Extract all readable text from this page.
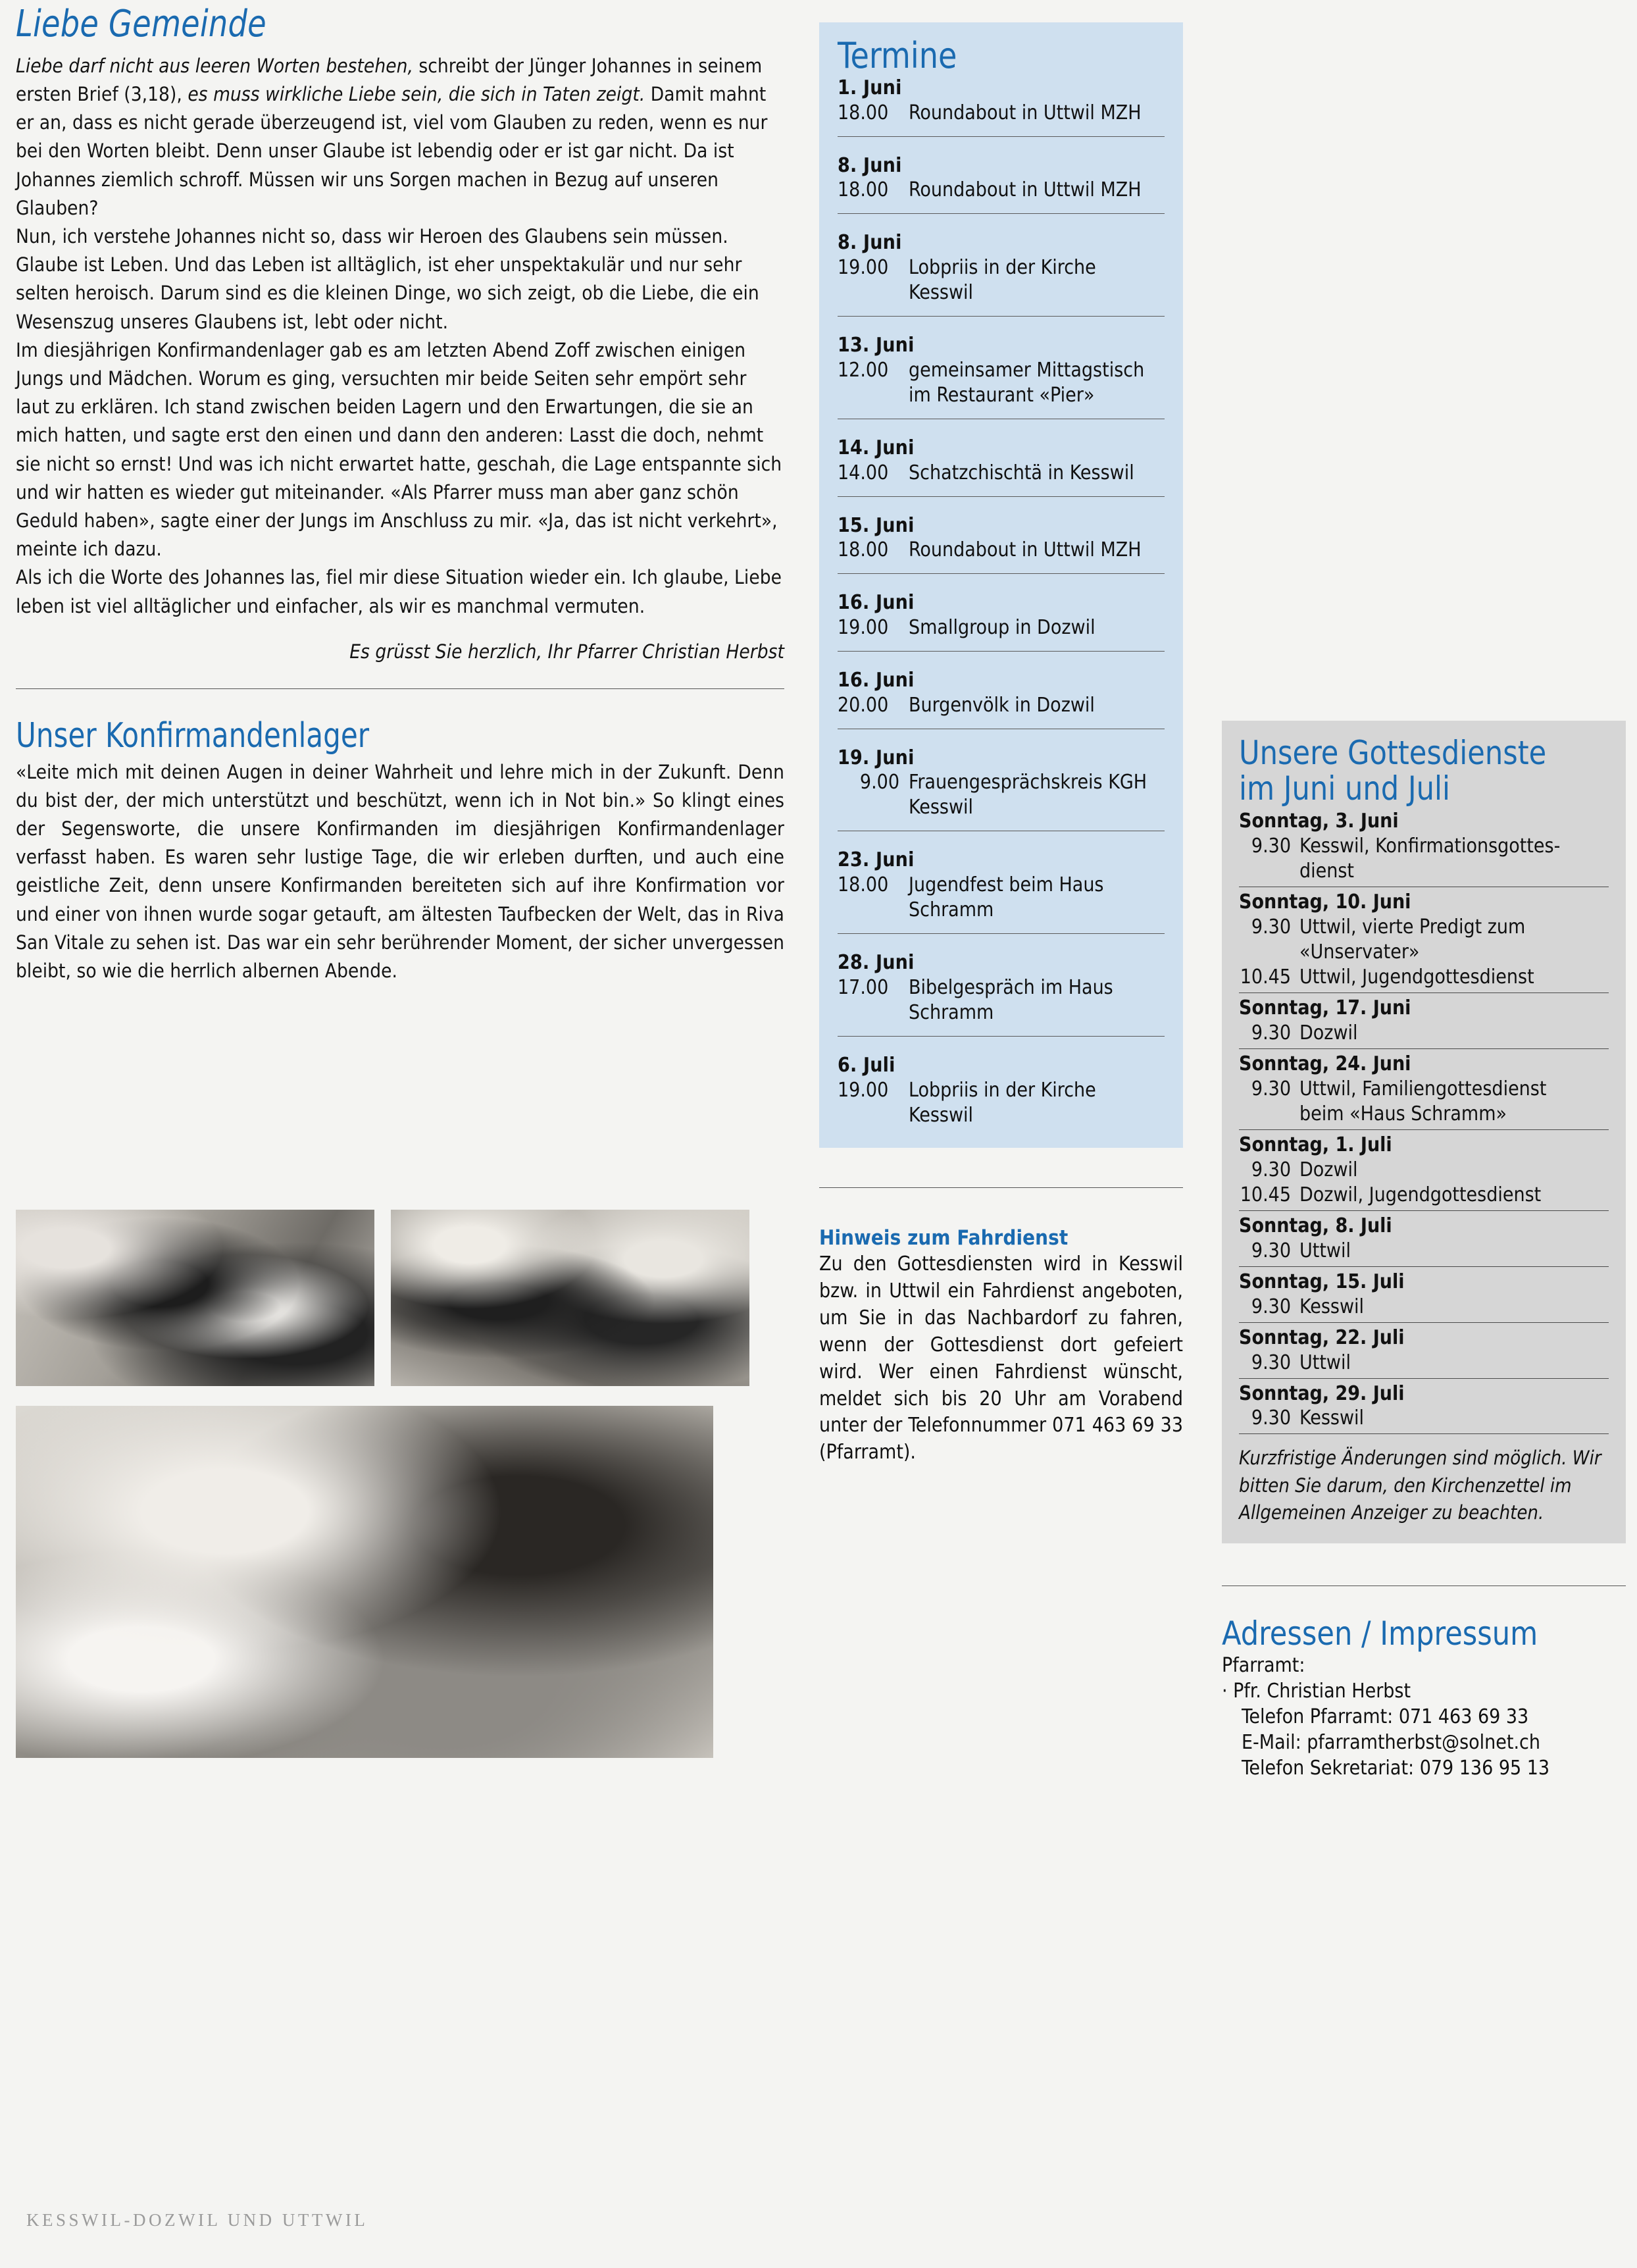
Liebe Gemeinde

Liebe darf nicht aus leeren Worten bestehen, schreibt der Jünger Johannes in seinem ersten Brief (3,18), es muss wirkliche Liebe sein, die sich in Taten zeigt. Damit mahnt er an, dass es nicht gerade überzeugend ist, viel vom Glauben zu reden, wenn es nur bei den Worten bleibt. Denn unser Glaube ist lebendig oder er ist gar nicht. Da ist Johannes ziemlich schroff. Müssen wir uns Sorgen machen in Bezug auf unseren Glauben?

Nun, ich verstehe Johannes nicht so, dass wir Heroen des Glaubens sein müssen. Glaube ist Leben. Und das Leben ist alltäglich, ist eher unspektakulär und nur sehr selten heroisch. Darum sind es die kleinen Dinge, wo sich zeigt, ob die Liebe, die ein Wesenszug unseres Glaubens ist, lebt oder nicht.

Im diesjährigen Konfirmandenlager gab es am letzten Abend Zoff zwischen einigen Jungs und Mädchen. Worum es ging, versuchten mir beide Seiten sehr empört sehr laut zu erklären. Ich stand zwischen beiden Lagern und den Erwartungen, die sie an mich hatten, und sagte erst den einen und dann den anderen: Lasst die doch, nehmt sie nicht so ernst! Und was ich nicht erwartet hatte, geschah, die Lage entspannte sich und wir hatten es wieder gut miteinander. «Als Pfarrer muss man aber ganz schön Geduld haben», sagte einer der Jungs im Anschluss zu mir. «Ja, das ist nicht verkehrt», meinte ich dazu.

Als ich die Worte des Johannes las, fiel mir diese Situation wieder ein. Ich glaube, Liebe leben ist viel alltäglicher und einfacher, als wir es manchmal vermuten.

Es grüsst Sie herzlich, Ihr Pfarrer Christian Herbst
Unser Konfirmandenlager

«Leite mich mit deinen Augen in deiner Wahrheit und lehre mich in der Zukunft. Denn du bist der, der mich unterstützt und beschützt, wenn ich in Not bin.» So klingt eines der Segensworte, die unsere Konfirmanden im diesjährigen Konfirmandenlager verfasst haben. Es waren sehr lustige Tage, die wir erleben durften, und auch eine geistliche Zeit, denn unsere Konfirmanden bereiteten sich auf ihre Konfirmation vor und einer von ihnen wurde sogar getauft, am ältesten Taufbecken der Welt, das in Riva San Vitale zu sehen ist. Das war ein sehr berührender Moment, der sicher unvergessen bleibt, so wie die herrlich albernen Abende.

KESSWIL-DOZWIL UND UTTWIL
Termine
1. Juni
18.00	Roundabout in Uttwil MZH
8. Juni
18.00	Roundabout in Uttwil MZH
8. Juni
19.00	Lobpriis in der Kirche Kesswil
13. Juni
12.00	gemeinsamer Mittagstisch
im Restaurant «Pier»
14. Juni
14.00	Schatzchischtä in Kesswil
15. Juni
18.00	Roundabout in Uttwil MZH
16. Juni
19.00	Smallgroup in Dozwil
16. Juni
20.00	Burgenvölk in Dozwil
19. Juni
9.00 Frauengesprächskreis KGH
Kesswil
23. Juni
18.00	Jugendfest beim Haus
Schramm
28. Juni
17.00	Bibelgespräch im Haus
Schramm
6. Juli
19.00	Lobpriis in der Kirche Kesswil
Hinweis zum Fahrdienst

Zu den Gottesdiensten wird in Kesswil bzw. in Uttwil ein Fahrdienst angeboten, um Sie in das Nachbardorf zu fahren, wenn der Gottesdienst dort gefeiert wird. Wer einen Fahrdienst wünscht, meldet sich bis 20 Uhr am Vorabend unter der Telefonnummer 071 463 69 33 (Pfarramt).

Unsere Gottesdienste
im Juni und Juli
Sonntag, 3. Juni
9.30 Kesswil, Konfirmationsgottes-
dienst
Sonntag, 10. Juni
9.30 Uttwil, vierte Predigt zum
«Unservater»
10.45 Uttwil, Jugendgottesdienst
Sonntag, 17. Juni
9.30 Dozwil
Sonntag, 24. Juni
9.30 Uttwil, Familiengottesdienst
beim «Haus Schramm»
Sonntag, 1. Juli
9.30 Dozwil
10.45 Dozwil, Jugendgottesdienst
Sonntag, 8. Juli
9.30 Uttwil
Sonntag, 15. Juli
9.30 Kesswil
Sonntag, 22. Juli
9.30 Uttwil
Sonntag, 29. Juli
9.30 Kesswil
Kurzfristige Änderungen sind möglich. Wir bitten Sie darum, den Kirchenzettel im Allgemeinen Anzeiger zu beachten.
Adressen / Impressum
Pfarramt:
· Pfr. Christian Herbst
Telefon Pfarramt: 071 463 69 33
E-Mail: pfarramtherbst@solnet.ch
Telefon Sekretariat: 079 136 95 13
